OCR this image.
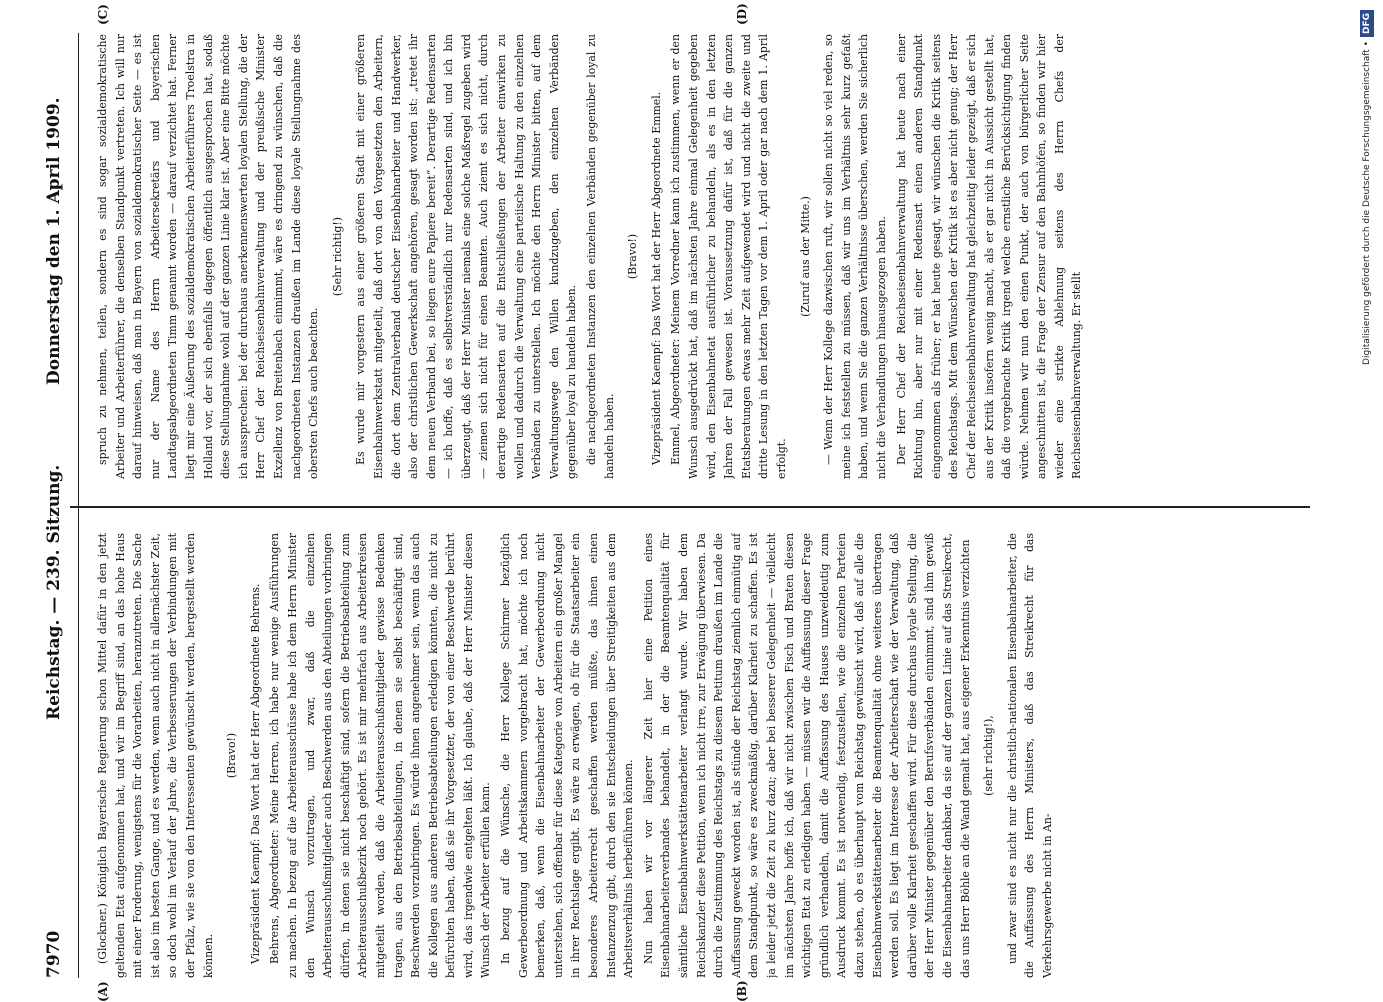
7970
Reichstag. — 239. Sitzung.
Donnerstag den 1. April 1909.
(A)	(B)
(C)	(D)

(Glockner.) Königlich Bayerische Regierung schon Mittel dafür in den jetzt geltenden Etat aufgenommen hat, und wir im Begriff sind, an das hohe Haus mit einer Forderung, wenigstens für die Vorarbeiten, heranzutreten. Die Sache ist also im besten Gange, und es werden, wenn auch nicht in allernächster Zeit, so doch wohl im Verlauf der Jahre, die Verbesserungen der Verbindungen mit der Pfalz, wie sie von den Interessenten gewünscht werden, hergestellt werden können.

(Bravo!) Vizepräsident Kaempf: Das Wort hat der Herr Abgeordnete Behrens. Behrens, Abgeordneter: Meine Herren, ich habe nur wenige Ausführungen zu machen. In bezug auf die Arbeiterausschüsse habe ich dem Herrn Minister den Wunsch vorzutragen, und zwar, daß die einzelnen Arbeiterausschußmitglieder auch Beschwerden aus den Abteilungen vorbringen dürfen, in denen sie nicht beschäftigt sind, sofern die Betriebsabteilung zum Arbeiterausschußbezirk noch gehört. Es ist mir mehrfach aus Arbeiterkreisen mitgeteilt worden, daß die Arbeiterausschußmitglieder gewisse Bedenken tragen, aus den Betriebsabteilungen, in denen sie selbst beschäftigt sind, Beschwerden vorzubringen. Es würde ihnen angenehmer sein, wenn das auch die Kollegen aus anderen Betriebsabteilungen erledigen könnten, die nicht zu befürchten haben, daß sie ihr Vorgesetzter, der von einer Beschwerde berührt wird, das irgendwie entgelten läßt. Ich glaube, daß der Herr Minister diesen Wunsch der Arbeiter erfüllen kann. In bezug auf die Wünsche, die Herr Kollege Schirmer bezüglich Gewerbeordnung und Arbeitskammern vorgebracht hat, möchte ich noch bemerken, daß, wenn die Eisenbahnarbeiter der Gewerbeordnung nicht unterstehen, sich offenbar für diese Kategorie von Arbeitern ein großer Mangel in ihrer Rechtslage ergibt. Es wäre zu erwägen, ob für die Staatsarbeiter ein besonderes Arbeiterrecht geschaffen werden müßte, das ihnen einen Instanzenzug gibt, durch den sie Entscheidungen über Streitigkeiten aus dem Arbeitsverhältnis herbeiführen können. Nun haben wir vor längerer Zeit hier eine Petition eines Eisenbahnarbeiterverbandes behandelt, in der die Beamtenqualität für sämtliche Eisenbahnwerkstättenarbeiter verlangt wurde. Wir haben dem Reichskanzler diese Petition, wenn ich nicht irre, zur Erwägung überwiesen. Da durch die Zustimmung des Reichstags zu diesem Petitum draußen im Lande die Auffassung geweckt worden ist, als stünde der Reichstag ziemlich einmütig auf dem Standpunkt, so wäre es zweckmäßig, darüber Klarheit zu schaffen. Es ist ja leider jetzt die Zeit zu kurz dazu; aber bei besserer Gelegenheit — vielleicht im nächsten Jahre hoffe ich, daß wir nicht zwischen Fisch und Braten diesen wichtigen Etat zu erledigen haben — müssen wir die Auffassung dieser Frage gründlich verhandeln, damit die Auffassung des Hauses unzweideutig zum Ausdruck kommt. Es ist notwendig, festzustellen, wie die einzelnen Parteien dazu stehen, ob es überhaupt vom Reichstag gewünscht wird, daß auf alle die Eisenbahnwerkstättenarbeiter die Beamtenqualität ohne weiteres übertragen werden soll. Es liegt im Interesse der Arbeiterschaft wie der Verwaltung, daß darüber volle Klarheit geschaffen wird. Für diese durchaus loyale Stellung, die der Herr Minister gegenüber den Berufsverbänden einnimmt, sind ihm gewiß die Eisenbahnarbeiter dankbar, da sie auf der ganzen Linie auf das Streikrecht, das uns Herr Böhle an die Wand gemalt hat, aus eigener Erkenntnis verzichten (sehr richtig!), und zwar sind es nicht nur die christlich-nationalen Eisenbahnarbeiter, die die Auffassung des Herrn Ministers, daß das Streikrecht für das Verkehrsgewerbe nicht in An-

spruch zu nehmen, teilen, sondern es sind sogar sozialdemokratische Arbeiter und Arbeiterführer, die denselben Standpunkt vertreten. Ich will nur darauf hinweisen, daß man in Bayern von sozialdemokratischer Seite — es ist nur der Name des Herrn Arbeitersekretärs und bayerischen Landtagsabgeordneten Timm genannt worden — darauf verzichtet hat. Ferner liegt mir eine Äußerung des sozialdemokratischen Arbeiterführers Troelstra in Holland vor, der sich ebenfalls dagegen öffentlich ausgesprochen hat, sodaß diese Stellungnahme wohl auf der ganzen Linie klar ist. Aber eine Bitte möchte ich aussprechen: bei der durchaus anerkennenswerten loyalen Stellung, die der Herr Chef der Reichseisenbahnverwaltung und der preußische Minister Exzellenz von Breitenbach einnimmt, wäre es dringend zu wünschen, daß die nachgeordneten Instanzen draußen im Lande diese loyale Stellungnahme des obersten Chefs auch beachten.

(Sehr richtig!) Es wurde mir vorgestern aus einer größeren Stadt mit einer größeren Eisenbahnwerkstatt mitgeteilt, daß dort von den Vorgesetzten den Arbeitern, die dort dem Zentralverband deutscher Eisenbahnarbeiter und Handwerker, also der christlichen Gewerkschaft angehören, gesagt worden ist: „tretet ihr dem neuen Verband bei, so liegen eure Papiere bereit“. Derartige Redensarten — ich hoffe, daß es selbstverständlich nur Redensarten sind, und ich bin überzeugt, daß der Herr Minister niemals eine solche Maßregel zugeben wird — ziemen sich nicht für einen Beamten. Auch ziemt es sich nicht, durch derartige Redensarten auf die Entschließungen der Arbeiter einwirken zu wollen und dadurch die Verwaltung eine parteiische Haltung zu den einzelnen Verbänden zu unterstellen. Ich möchte den Herrn Minister bitten, auf dem Verwaltungswege den Willen kundzugeben, den einzelnen Verbänden gegenüber loyal zu handeln haben. die nachgeordneten Instanzen den einzelnen Verbänden gegenüber loyal zu handeln haben.

(Bravo!) Vizepräsident Kaempf: Das Wort hat der Herr Abgeordnete Emmel. Emmel, Abgeordneter: Meinem Vorredner kann ich zustimmen, wenn er den Wunsch ausgedrückt hat, daß im nächsten Jahre einmal Gelegenheit gegeben wird, den Eisenbahnetat ausführlicher zu behandeln, als es in den letzten Jahren der Fall gewesen ist. Voraussetzung dafür ist, daß für die ganzen Etatsberatungen etwas mehr Zeit aufgewendet wird und nicht die zweite und dritte Lesung in den letzten Tagen vor dem 1. April oder gar nach dem 1. April erfolgt.

(Zuruf aus der Mitte.) — Wenn der Herr Kollege dazwischen ruft, wir sollen nicht so viel reden, so meine ich feststellen zu müssen, daß wir uns im Verhältnis sehr kurz gefaßt haben, und wenn Sie die ganzen Verhältnisse überschen, werden Sie sicherlich nicht die Verhandlungen hinausgezogen haben. Der Herr Chef der Reichseisenbahnverwaltung hat heute nach einer Richtung hin, aber nur mit einer Redensart einen anderen Standpunkt eingenommen als früher; er hat heute gesagt, wir wünschen die Kritik seitens des Reichstags. Mit dem Wünschen der Kritik ist es aber nicht genug; der Herr Chef der Reichseisenbahnverwaltung hat gleichzeitig leider gezeigt, daß er sich aus der Kritik insofern wenig macht, als er gar nicht in Aussicht gestellt hat, daß die vorgebrachte Kritik irgend welche ernstliche Berücksichtigung finden würde. Nehmen wir nun den einen Punkt, der auch von bürgerlicher Seite angeschnitten ist, die Frage der Zensur auf den Bahnhöfen, so finden wir hier wieder eine strikte Ablehnung seitens des Herrn Chefs der Reichseisenbahnverwaltung. Er stellt

Digitalisierung gefördert durch die Deutsche Forschungsgemeinschaft •DFG
